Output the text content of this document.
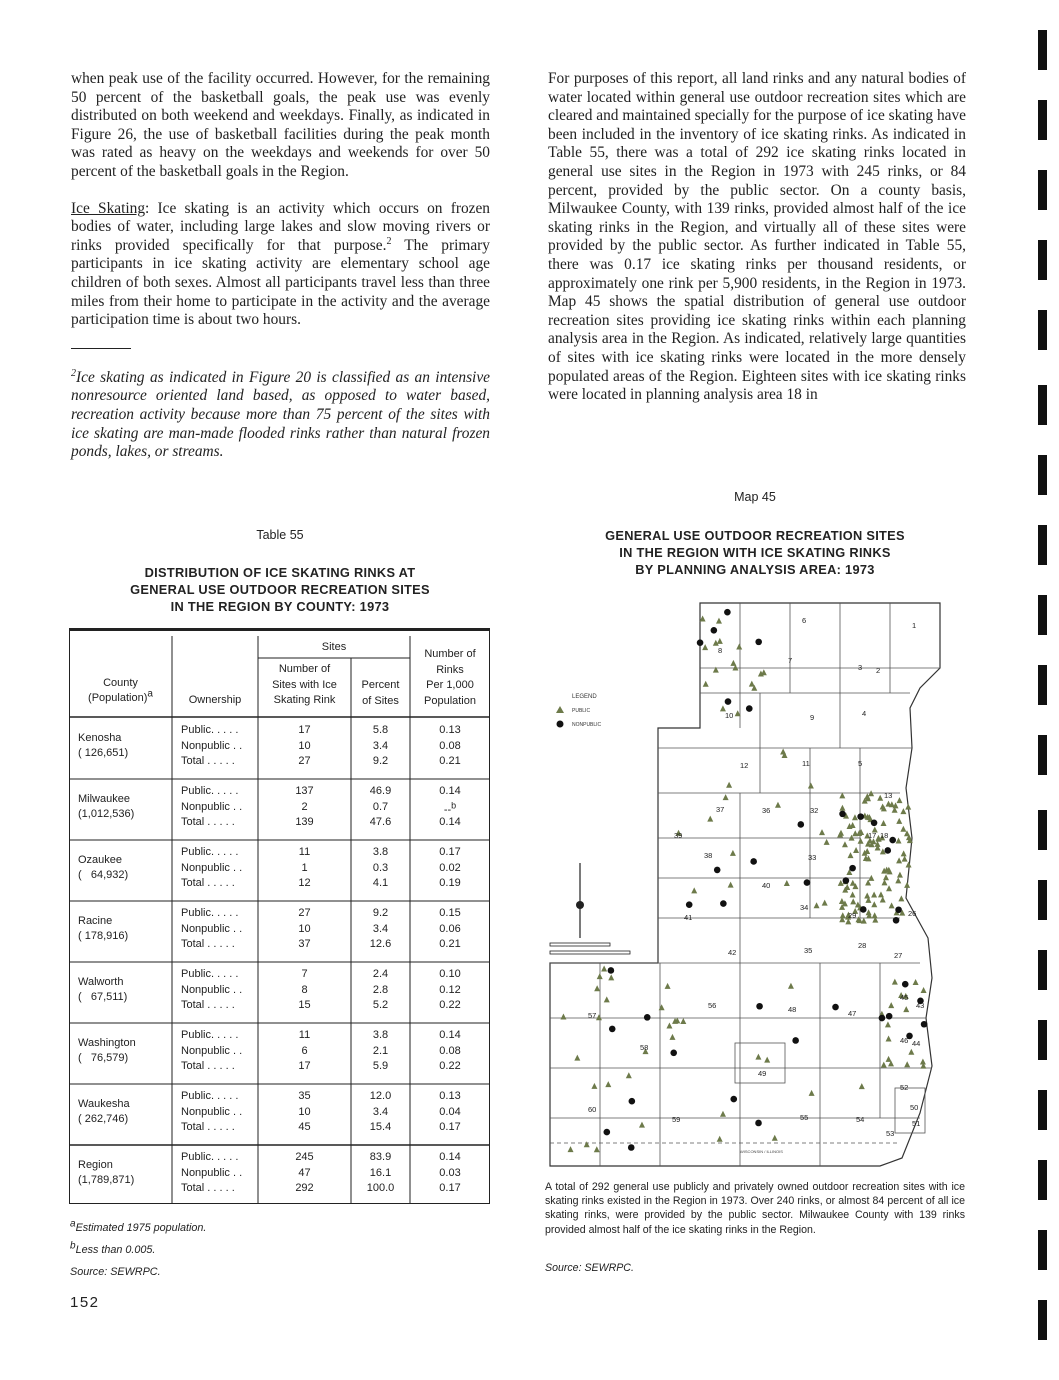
when peak use of the facility occurred. However, for the remaining 50 percent of the basketball goals, the peak use was evenly distributed on both weekend and weekdays. Finally, as indicated in Figure 26, the use of basketball facilities during the peak month was rated as heavy on the weekdays and weekends for over 50 percent of the basketball goals in the Region.

Ice Skating: Ice skating is an activity which occurs on frozen bodies of water, including large lakes and slow moving rivers or rinks provided specifically for that purpose.$^2$ The primary participants in ice skating activity are elementary school age children of both sexes. Almost all participants travel less than three miles from their home to participate in the activity and the average participation time is about two hours.

$^2$Ice skating as indicated in Figure 20 is classified as an intensive nonresource oriented land based, as opposed to water based, recreation activity because more than 75 percent of the sites with ice skating are man-made flooded rinks rather than natural frozen ponds, lakes, or streams.

For purposes of this report, all land rinks and any natural bodies of water located within general use outdoor recreation sites which are cleared and maintained specially for the purpose of ice skating have been included in the inventory of ice skating rinks. As indicated in Table 55, there was a total of 292 ice skating rinks located in general use sites in the Region in 1973 with 245 rinks, or 84 percent, provided by the public sector. On a county basis, Milwaukee County, with 139 rinks, provided almost half of the ice skating rinks in the Region, and virtually all of these sites were provided by the public sector. As further indicated in Table 55, there was 0.17 ice skating rinks per thousand residents, or approximately one rink per 5,900 residents, in the Region in 1973. Map 45 shows the spatial distribution of general use outdoor recreation sites providing ice skating rinks within each planning analysis area in the Region. As indicated, relatively large quantities of sites with ice skating rinks were located in the more densely populated areas of the Region. Eighteen sites with ice skating rinks were located in planning analysis area 18 in

Table 55
DISTRIBUTION OF ICE SKATING RINKS AT
GENERAL USE OUTDOOR RECREATION SITES
IN THE REGION BY COUNTY: 1973
County
(Population)$^a$
Ownership
Sites
Number of
Sites with Ice
Skating Rink
Percent
of Sites
Number of
Rinks
Per 1,000
Population
Kenosha
( 126,651)
Public. . . . .	17	5.8	0.13
Nonpublic . .	10	3.4	0.08
Total . . . . .	27	9.2	0.21
Milwaukee
(1,012,536)
Public. . . . .	137	46.9	0.14
Nonpublic . .	2	0.7	--$^b$
Total . . . . .	139	47.6	0.14
Ozaukee
(   64,932)
Public. . . . .	11	3.8	0.17
Nonpublic . .	1	0.3	0.02
Total . . . . .	12	4.1	0.19
Racine
( 178,916)
Public. . . . .	27	9.2	0.15
Nonpublic . .	10	3.4	0.06
Total . . . . .	37	12.6	0.21
Walworth
(   67,511)
Public. . . . .	7	2.4	0.10
Nonpublic . .	8	2.8	0.12
Total . . . . .	15	5.2	0.22
Washington
(   76,579)
Public. . . . .	11	3.8	0.14
Nonpublic . .	6	2.1	0.08
Total . . . . .	17	5.9	0.22
Waukesha
( 262,746)
Public. . . . .	35	12.0	0.13
Nonpublic . .	10	3.4	0.04
Total . . . . .	45	15.4	0.17
Region
(1,789,871)
Public. . . . .	245	83.9	0.14
Nonpublic . .	47	16.1	0.03
Total . . . . .	292	100.0	0.17
$^a$Estimated 1975 population.
$^b$Less than 0.005.
Source: SEWRPC.
152
Map 45
GENERAL USE OUTDOOR RECREATION SITES
IN THE REGION WITH ICE SKATING RINKS
BY PLANNING ANALYSIS AREA: 1973
LEGEND
PUBLIC
NONPUBLIC
WISCONSIN / ILLINOIS
1
2
3
4
5
6
7
8
9
10
11
12
13
17 18
26
27
28
29
32
33
34
35
36
37
38
39
40
41
42
43
44
45
46
47
48
49
50
51
52
53
54
55
56
57
58
59
60
A total of 292 general use publicly and privately owned outdoor recreation sites with ice skating rinks existed in the Region in 1973. Over 240 rinks, or almost 84 percent of all ice skating rinks, were provided by the public sector. Milwaukee County with 139 rinks provided almost half of the ice skating rinks in the Region.
Source: SEWRPC.
